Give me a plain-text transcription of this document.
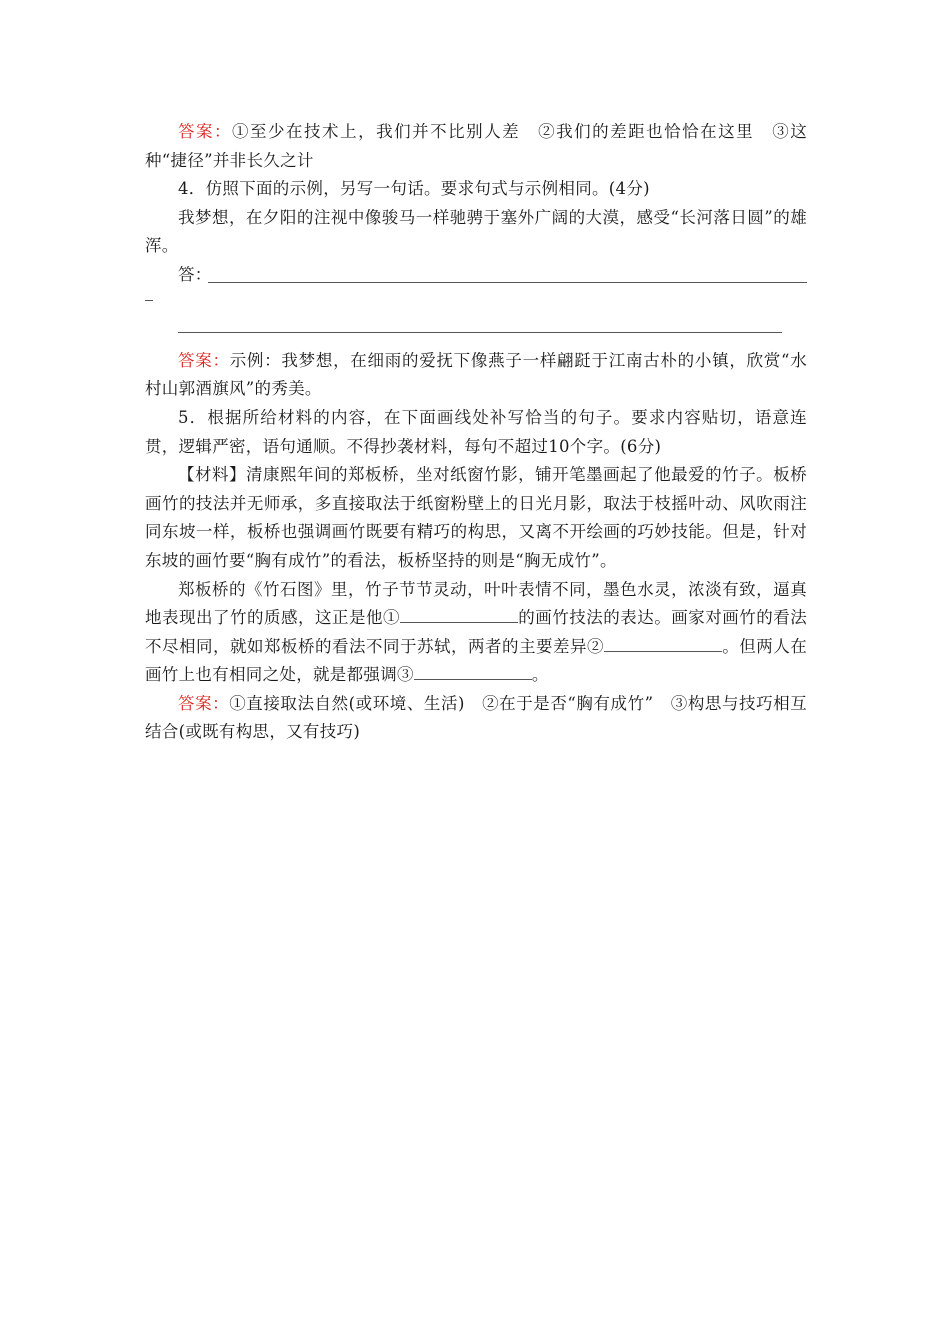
答案：①至少在技术上，我们并不比别人差　②我们的差距也恰恰在这里　③这种“捷径”并非长久之计

4．仿照下面的示例，另写一句话。要求句式与示例相同。(4分)

我梦想，在夕阳的注视中像骏马一样驰骋于塞外广阔的大漠，感受“长河落日圆”的雄浑。

答：

答案：示例：我梦想，在细雨的爱抚下像燕子一样翩跹于江南古朴的小镇，欣赏“水村山郭酒旗风”的秀美。

5．根据所给材料的内容，在下面画线处补写恰当的句子。要求内容贴切，语意连贯，逻辑严密，语句通顺。不得抄袭材料，每句不超过10个字。(6分)

【材料】清康熙年间的郑板桥，坐对纸窗竹影，铺开笔墨画起了他最爱的竹子。板桥画竹的技法并无师承，多直接取法于纸窗粉壁上的日光月影，取法于枝摇叶动、风吹雨注同东坡一样，板桥也强调画竹既要有精巧的构思，又离不开绘画的巧妙技能。但是，针对东坡的画竹要“胸有成竹”的看法，板桥坚持的则是“胸无成竹”。

郑板桥的《竹石图》里，竹子节节灵动，叶叶表情不同，墨色水灵，浓淡有致，逼真地表现出了竹的质感，这正是他①	的画竹技法的表达。画家对画竹的看法不尽相同，就如郑板桥的看法不同于苏轼，两者的主要差异②	。但两人在画竹上也有相同之处，就是都强调③	。

答案：①直接取法自然(或环境、生活)　②在于是否“胸有成竹”　③构思与技巧相互结合(或既有构思，又有技巧)
